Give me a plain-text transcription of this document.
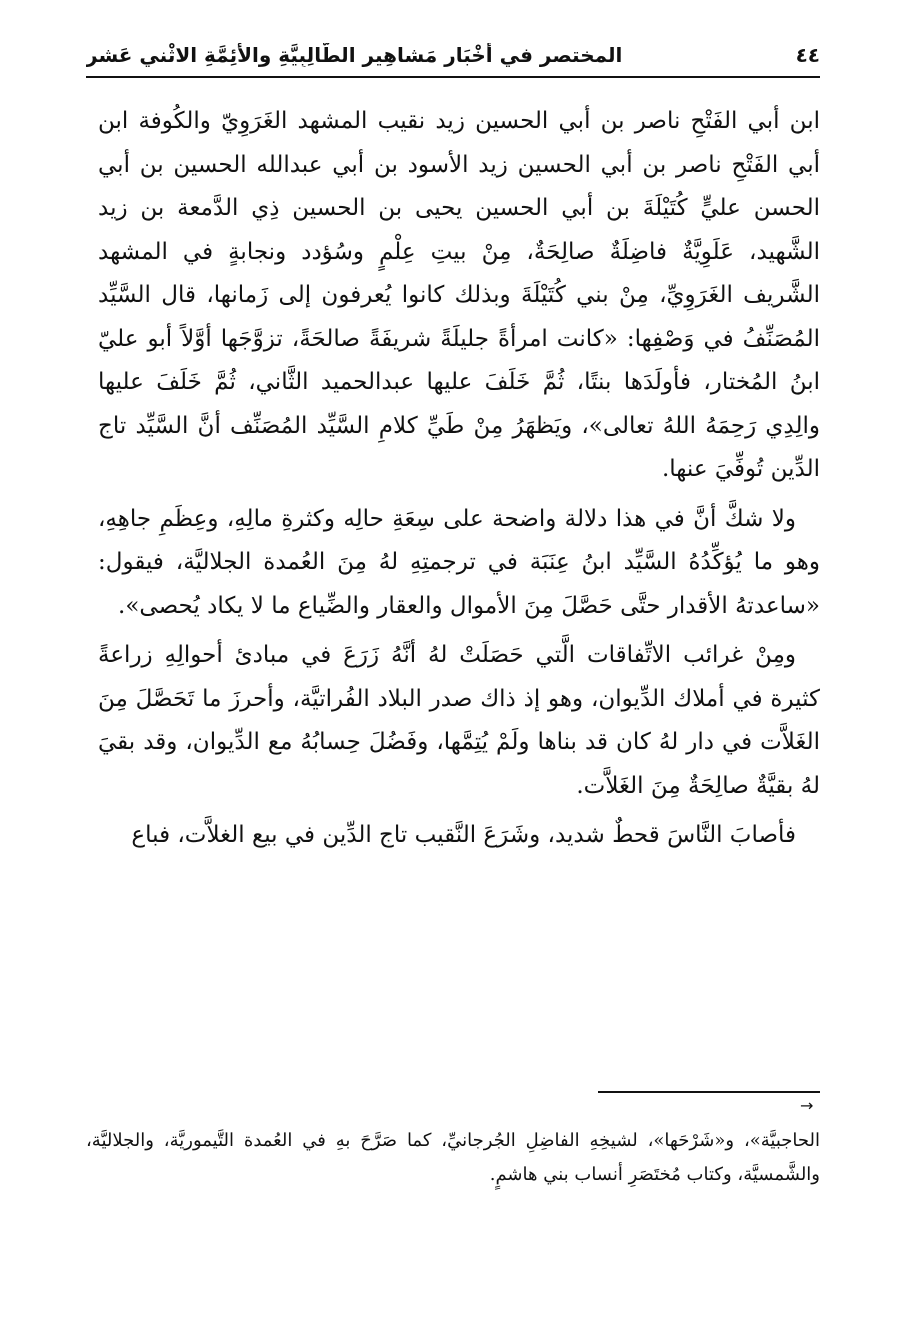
٤٤
المختصر في أَخْبَارِ مَشاهِيرِ الطَّالِبِيَّةِ والأئِمَّةِ الاثْني عَشر

ابن أبي الفَتْحِ ناصر بن أبي الحسين زيد نقيب المشهد الغَرَوِيّ والكُوفة ابن أبي الفَتْحِ ناصر بن أبي الحسين زيد الأسود بن أبي عبدالله الحسين بن أبي الحسن عليٍّ كُتَيْلَةَ بن أبي الحسين يحيى بن الحسين ذِي الدَّمعة بن زيد الشَّهيد، عَلَوِيَّةٌ فاضِلَةٌ صالِحَةٌ، مِنْ بيتِ عِلْمٍ وسُؤدد ونجابةٍ في المشهد الشَّريف الغَرَوِيِّ، مِنْ بني كُتَيْلَةَ وبذلك كانوا يُعرفون إلى زَمانها، قال السَّيِّد المُصَنِّفُ في وَصْفِها: «كانت امرأةً جليلَةً شريفَةً صالحَةً، تزوَّجَها أوَّلاً أبو عليّ ابنُ المُختار، فأولَدَها بنتًا، ثُمَّ خَلَفَ عليها عبدالحميد الثَّاني، ثُمَّ خَلَفَ عليها والِدِي رَحِمَهُ اللهُ تعالى»، ويَظهَرُ مِنْ طَيِّ كلامِ السَّيِّد المُصَنِّف أنَّ السَّيِّد تاج الدِّين تُوفِّيَ عنها.

ولا شكَّ أنَّ في هذا دلالة واضحة على سِعَةِ حالِه وكثرةِ مالِهِ، وعِظَمِ جاهِهِ، وهو ما يُؤكِّدُهُ السَّيِّد ابنُ عِنَبَة في ترجمتِهِ لهُ مِنَ العُمدة الجلاليَّة، فيقول: «ساعدتهُ الأقدار حتَّى حَصَّلَ مِنَ الأموال والعقار والضِّياع ما لا يكاد يُحصى».

ومِنْ غرائب الاتِّفاقات الَّتي حَصَلَتْ لهُ أنَّهُ زَرَعَ في مبادئ أحوالِهِ زراعةً كثيرة في أملاك الدِّيوان، وهو إذ ذاك صدر البلاد الفُراتيَّة، وأحرزَ ما تَحَصَّلَ مِنَ الغَلاَّت في دار لهُ كان قد بناها ولَمْ يُتِمَّها، وفَضُلَ حِسابُهُ مع الدِّيوان، وقد بقيَ لهُ بقيَّةٌ صالِحَةٌ مِنَ الغَلاَّت.

فأصابَ النَّاسَ قحطٌ شديد، وشَرَعَ النَّقيب تاج الدِّين في بيع الغلاَّت، فباع

→

الحاجبيَّة»، و«شَرْحَها»، لشيخِهِ الفاضِلِ الجُرجانيِّ، كما صَرَّحَ بهِ في العُمدة التَّيموريَّة، والجلاليَّة، والشَّمسيَّة، وكتاب مُختَصَرِ أنساب بني هاشمٍ.
